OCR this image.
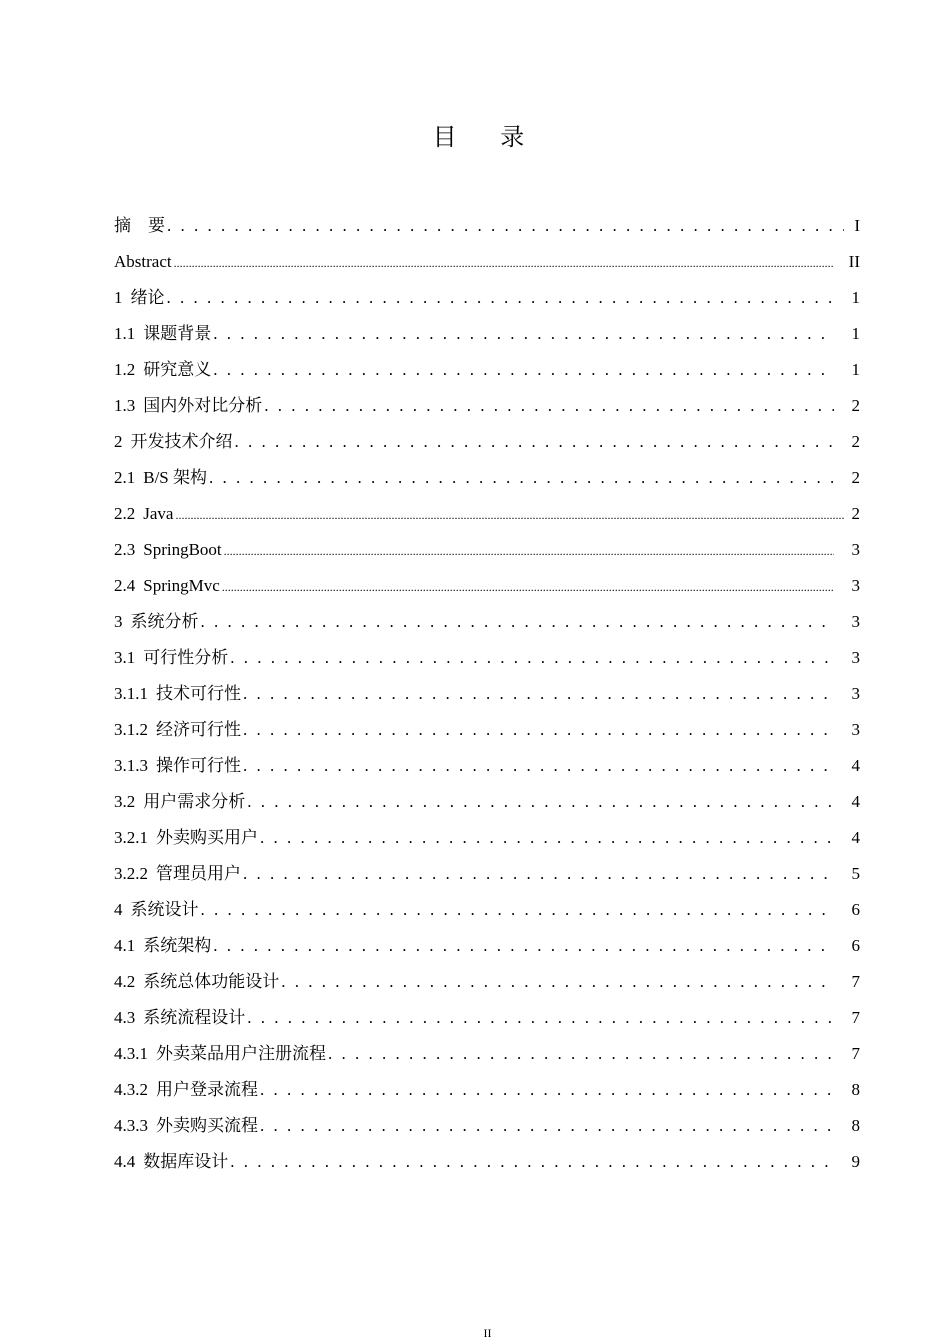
目 录
摘　要 . . .	I
Abstract .....	II
1 绪论 . . .	1
1.1 课题背景 . . .	1
1.2 研究意义 . . .	1
1.3 国内外对比分析 . . .	2
2 开发技术介绍 . . .	2
2.1 B/S 架构 . . .	2
2.2 Java .....	2
2.3 SpringBoot .....	3
2.4 SpringMvc .....	3
3 系统分析 . . .	3
3.1 可行性分析 . . .	3
3.1.1 技术可行性 . . .	3
3.1.2 经济可行性 . . .	3
3.1.3 操作可行性 . . .	4
3.2 用户需求分析 . . .	4
3.2.1 外卖购买用户 . . .	4
3.2.2 管理员用户 . . .	5
4 系统设计 . . .	6
4.1 系统架构 . . .	6
4.2 系统总体功能设计 . . .	7
4.3 系统流程设计 . . .	7
4.3.1 外卖菜品用户注册流程 . . .	7
4.3.2 用户登录流程 . . .	8
4.3.3 外卖购买流程 . . .	8
4.4 数据库设计 . . .	9
II
